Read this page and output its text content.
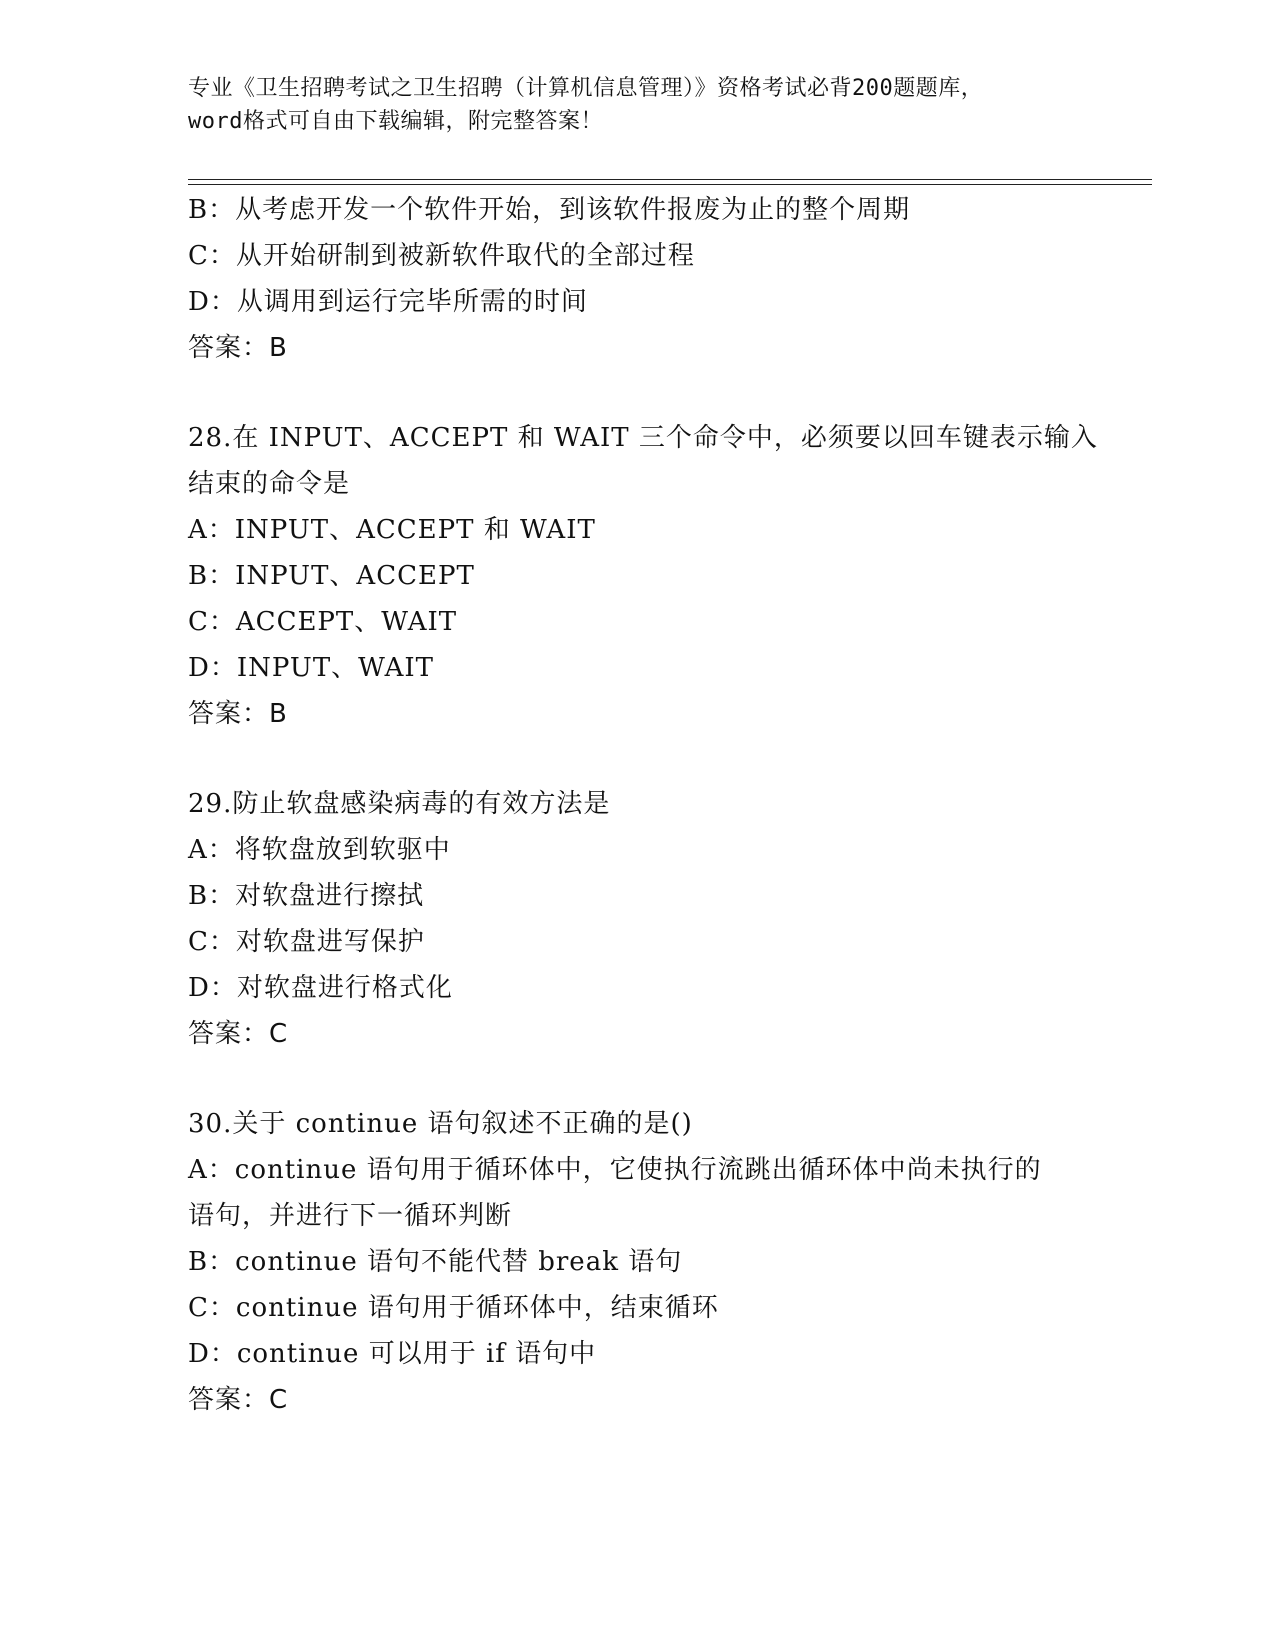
专业《卫生招聘考试之卫生招聘（计算机信息管理）》资格考试必背200题题库，
word格式可自由下载编辑，附完整答案！
B：从考虑开发一个软件开始，到该软件报废为止的整个周期
C：从开始研制到被新软件取代的全部过程
D：从调用到运行完毕所需的时间
答案：B
28.在 INPUT、ACCEPT 和 WAIT 三个命令中，必须要以回车键表示输入
结束的命令是
A：INPUT、ACCEPT 和 WAIT
B：INPUT、ACCEPT
C：ACCEPT、WAIT
D：INPUT、WAIT
答案：B
29.防止软盘感染病毒的有效方法是
A：将软盘放到软驱中
B：对软盘进行擦拭
C：对软盘进写保护
D：对软盘进行格式化
答案：C
30.关于 continue 语句叙述不正确的是()
A：continue 语句用于循环体中，它使执行流跳出循环体中尚未执行的
语句，并进行下一循环判断
B：continue 语句不能代替 break 语句
C：continue 语句用于循环体中，结束循环
D：continue 可以用于 if 语句中
答案：C
